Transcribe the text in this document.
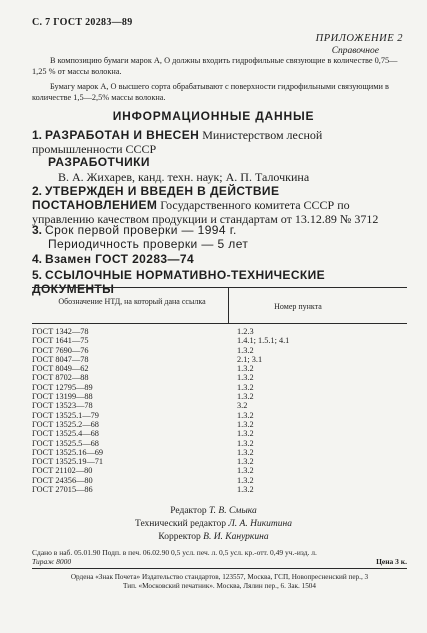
С. 7 ГОСТ 20283—89
ПРИЛОЖЕНИЕ 2
Справочное
В композицию бумаги марок А, О должны входить гидрофильные связующие в количестве 0,75—1,25 % от массы волокна.
Бумагу марок А, О высшего сорта обрабатывают с поверхности гидрофильными связующими в количестве 1,5—2,5% массы волокна.
ИНФОРМАЦИОННЫЕ ДАННЫЕ
1. РАЗРАБОТАН И ВНЕСЕН Министерством лесной промышленности СССР
РАЗРАБОТЧИКИ
В. А. Жихарев, канд. техн. наук; А. П. Талочкина
2. УТВЕРЖДЕН И ВВЕДЕН В ДЕЙСТВИЕ ПОСТАНОВЛЕНИЕМ Государственного комитета СССР по управлению качеством продукции и стандартам от 13.12.89 № 3712
3. Срок первой проверки — 1994 г.
Периодичность проверки — 5 лет
4. Взамен ГОСТ 20283—74
5. ССЫЛОЧНЫЕ НОРМАТИВНО-ТЕХНИЧЕСКИЕ ДОКУМЕНТЫ
Обозначение НТД, на который дана ссылка
Номер пункта
ГОСТ 1342—78	1.2.3
ГОСТ 1641—75	1.4.1; 1.5.1; 4.1
ГОСТ 7690—76	1.3.2
ГОСТ 8047—78	2.1; 3.1
ГОСТ 8049—62	1.3.2
ГОСТ 8702—88	1.3.2
ГОСТ 12795—89	1.3.2
ГОСТ 13199—88	1.3.2
ГОСТ 13523—78	3.2
ГОСТ 13525.1—79	1.3.2
ГОСТ 13525.2—68	1.3.2
ГОСТ 13525.4—68	1.3.2
ГОСТ 13525.5—68	1.3.2
ГОСТ 13525.16—69	1.3.2
ГОСТ 13525.19—71	1.3.2
ГОСТ 21102—80	1.3.2
ГОСТ 24356—80	1.3.2
ГОСТ 27015—86	1.3.2
Редактор Т. В. Смыка
Технический редактор Л. А. Никитина
Корректор В. И. Кануркина
Сдано в наб. 05.01.90 Подп. в печ. 06.02.90 0,5 усл. печ. л. 0,5 усл. кр.-отт. 0,49 уч.-изд. л.
Тираж 8000	Цена 3 к.
Ордена «Знак Почета» Издательство стандартов, 123557, Москва, ГСП, Новопресненский пер., 3
Тип. «Московский печатник». Москва, Лялин пер., 6. Зак. 1504
